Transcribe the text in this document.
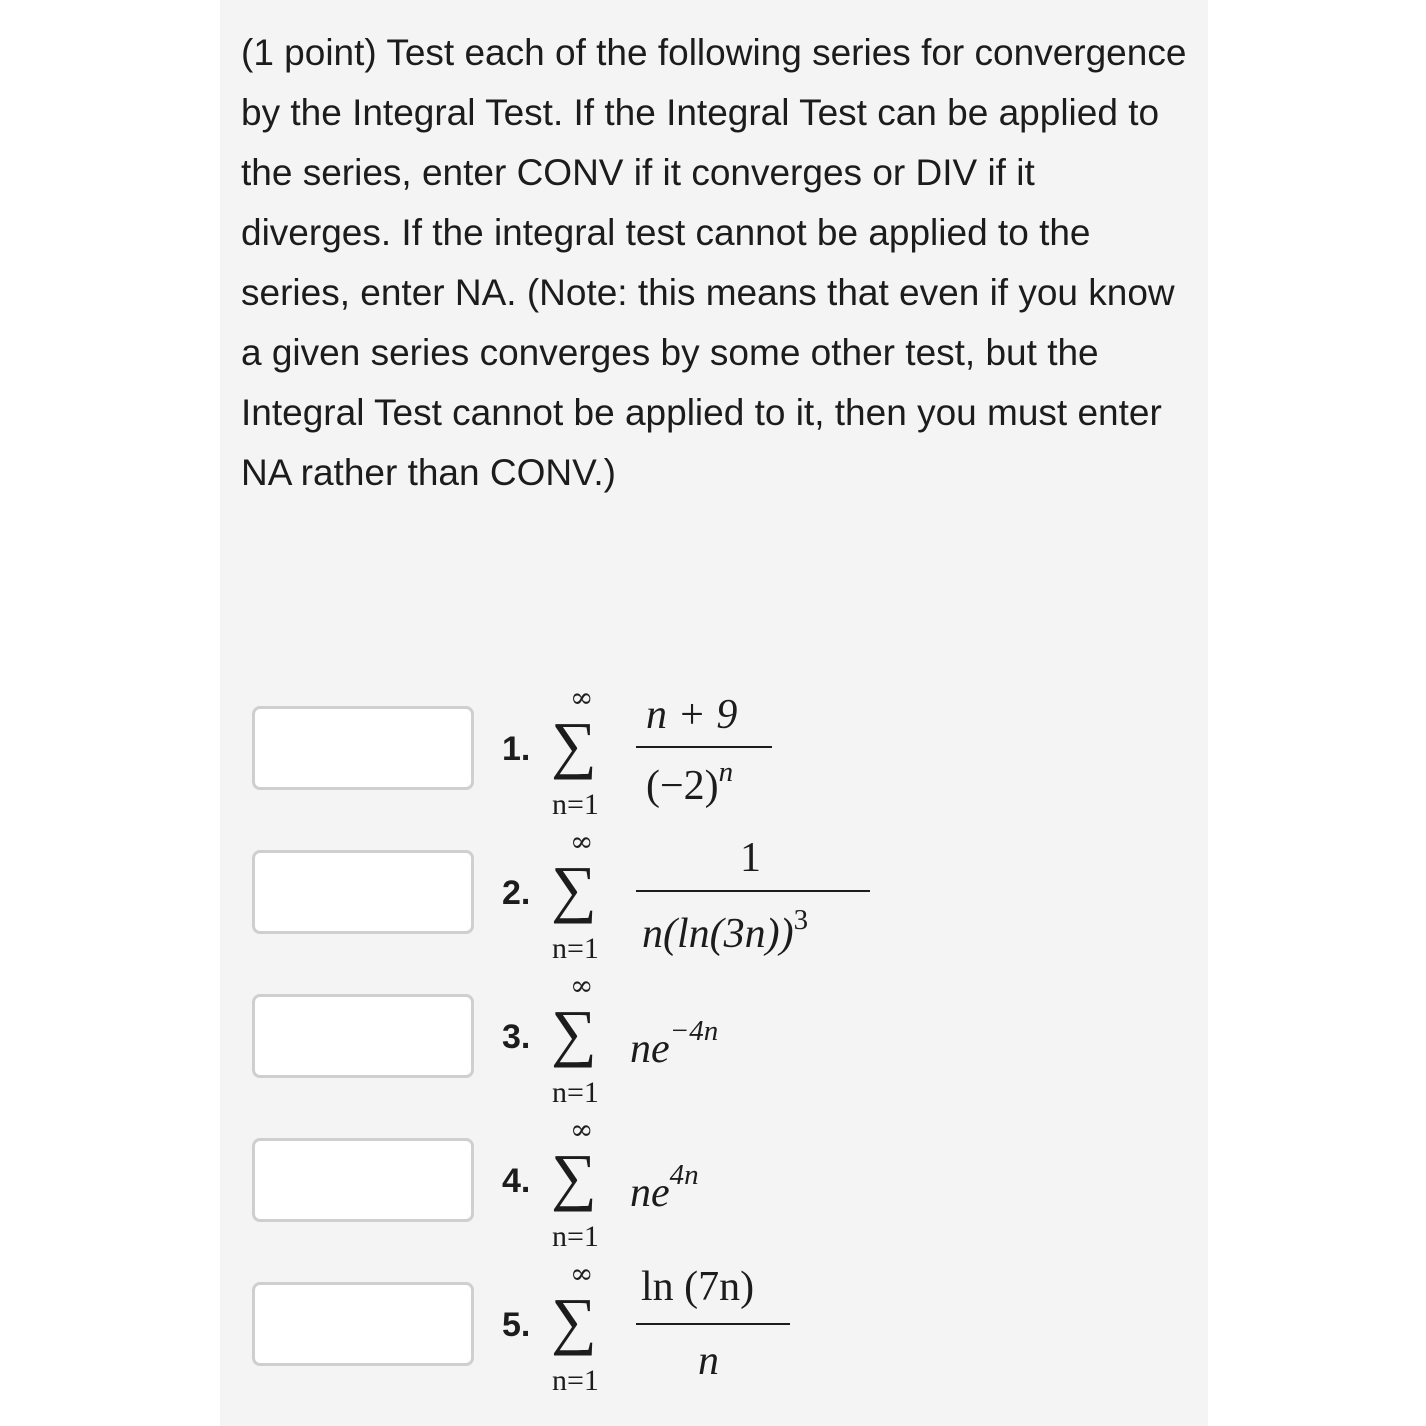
(1 point) Test each of the following series for convergence by the Integral Test. If the Integral Test can be applied to the series, enter CONV if it converges or DIV if it diverges. If the integral test cannot be applied to the series, enter NA. (Note: this means that even if you know a given series converges by some other test, but the Integral Test cannot be applied to it, then you must enter NA rather than CONV.)

1.
∞
∑
n=1
n + 9
$(-2)^n$
2.
∞
∑
n=1
1
$n(\ln(3n))^3$
3.
∞
∑
n=1
$ne^{-4n}$
4.
∞
∑
n=1
$ne^{4n}$
5.
∞
∑
n=1
ln (7n)
n
